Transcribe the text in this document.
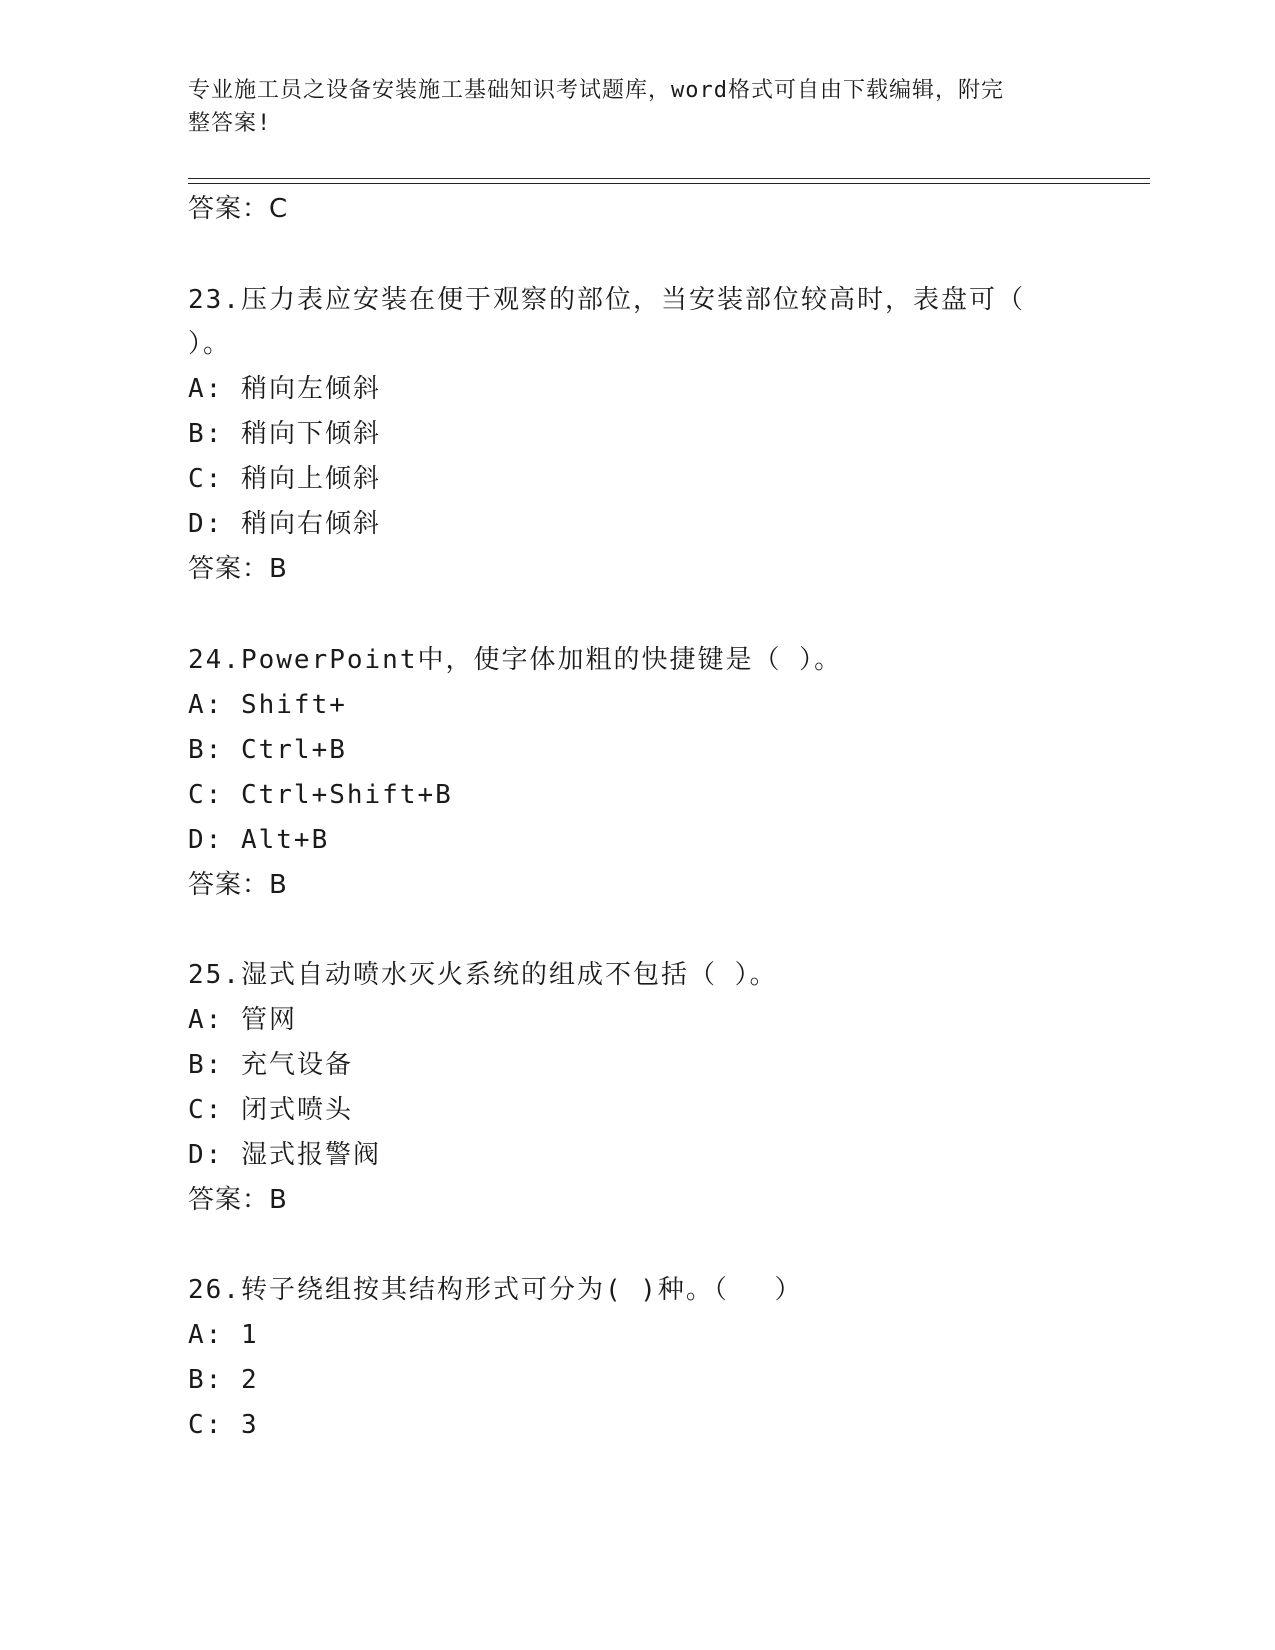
专业施工员之设备安装施工基础知识考试题库，word格式可自由下载编辑，附完
整答案!
答案：C
23.压力表应安装在便于观察的部位，当安装部位较高时，表盘可（
）。
A: 稍向左倾斜
B: 稍向下倾斜
C: 稍向上倾斜
D: 稍向右倾斜
答案：B
24.PowerPoint中，使字体加粗的快捷键是（ ）。
A: Shift+
B: Ctrl+B
C: Ctrl+Shift+B
D: Alt+B
答案：B
25.湿式自动喷水灭火系统的组成不包括（ ）。
A: 管网
B: 充气设备
C: 闭式喷头
D: 湿式报警阀
答案：B
26.转子绕组按其结构形式可分为( )种。（　 ）
A: 1
B: 2
C: 3
